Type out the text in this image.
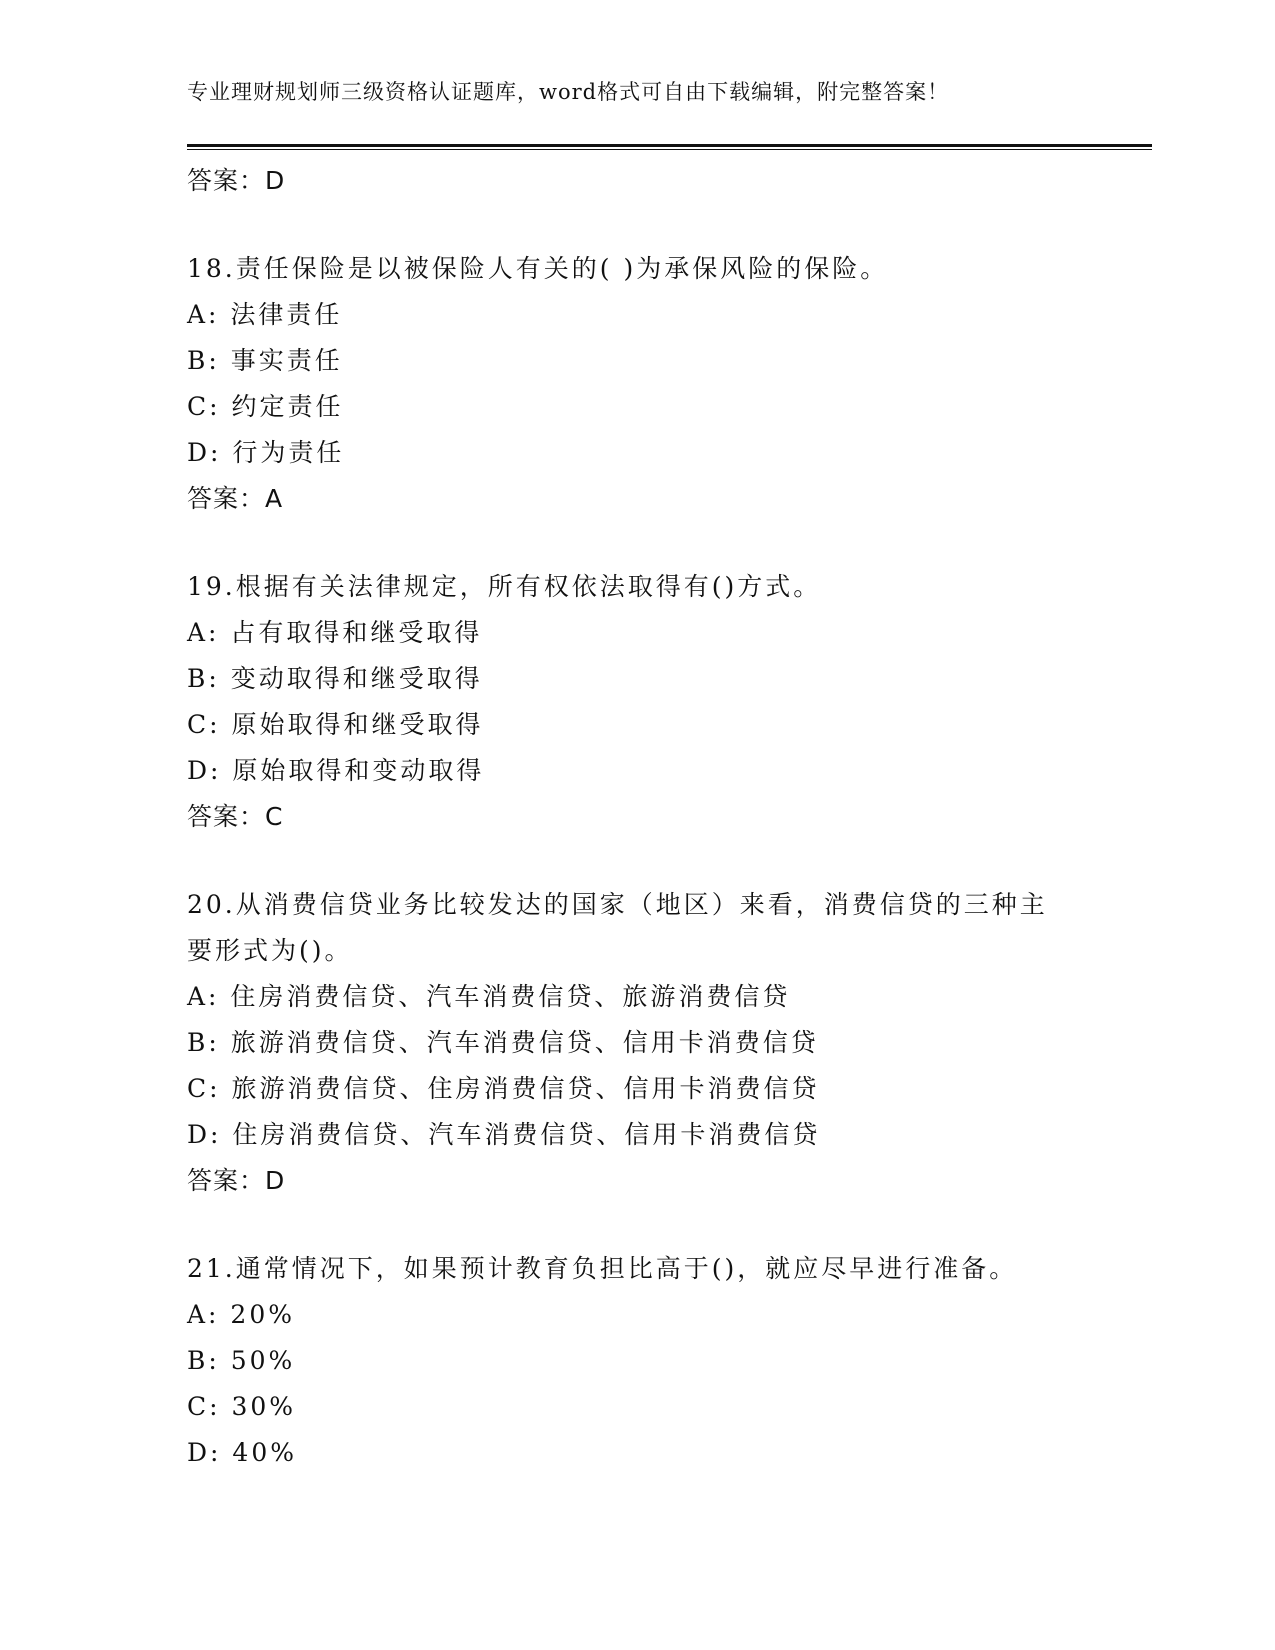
专业理财规划师三级资格认证题库，word格式可自由下载编辑，附完整答案！
答案：D
18.责任保险是以被保险人有关的( )为承保风险的保险。
A: 法律责任
B: 事实责任
C: 约定责任
D: 行为责任
答案：A
19.根据有关法律规定，所有权依法取得有()方式。
A: 占有取得和继受取得
B: 变动取得和继受取得
C: 原始取得和继受取得
D: 原始取得和变动取得
答案：C
20.从消费信贷业务比较发达的国家（地区）来看，消费信贷的三种主
要形式为()。
A: 住房消费信贷、汽车消费信贷、旅游消费信贷
B: 旅游消费信贷、汽车消费信贷、信用卡消费信贷
C: 旅游消费信贷、住房消费信贷、信用卡消费信贷
D: 住房消费信贷、汽车消费信贷、信用卡消费信贷
答案：D
21.通常情况下，如果预计教育负担比高于()，就应尽早进行准备。
A: 20%
B: 50%
C: 30%
D: 40%
